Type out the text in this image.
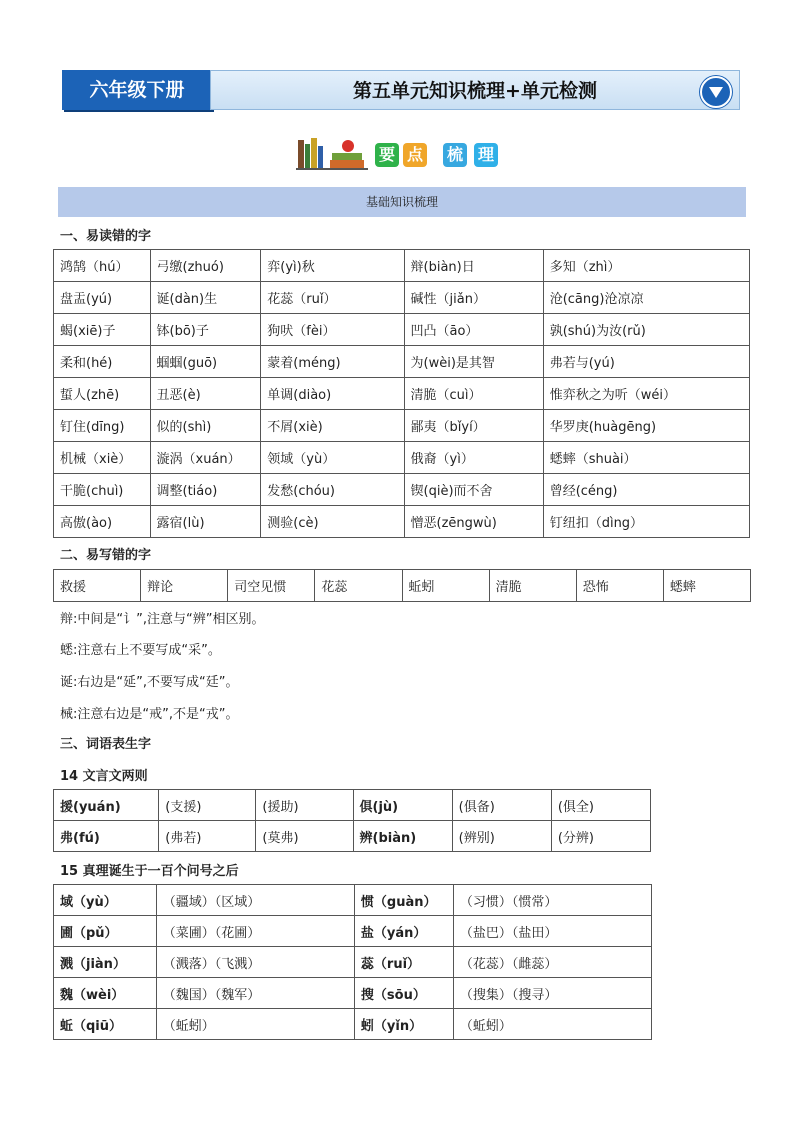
六年级下册	第五单元知识梳理+单元检测
要 点 梳 理
基础知识梳理
一、易读错的字
鸿鹄（hú）	弓缴(zhuó)	弈(yì)秋	辩(biàn)日	多知（zhì）
盘盂(yú)	诞(dàn)生	花蕊（ruǐ）	碱性（jiǎn）	沧(cāng)沧凉凉
蝎(xiē)子	钵(bō)子	狗吠（fèi）	凹凸（āo）	孰(shú)为汝(rǔ)
柔和(hé)	蝈蝈(guō)	蒙着(méng)	为(wèi)是其智	弗若与(yú)
蜇人(zhē)	丑恶(è)	单调(diào)	清脆（cuì）	惟弈秋之为听（wéi）
钉住(dīng)	似的(shì)	不屑(xiè)	鄙夷（bǐyí）	华罗庚(huàgēng)
机械（xiè）	漩涡（xuán）	领域（yù）	俄裔（yì）	蟋蟀（shuài）
干脆(chuì)	调整(tiáo)	发愁(chóu)	锲(qiè)而不舍	曾经(céng)
高傲(ào)	露宿(lù)	测验(cè)	憎恶(zēngwù)	钉纽扣（dìng）
二、易写错的字
救援	辩论	司空见惯	花蕊	蚯蚓	清脆	恐怖	蟋蟀
辩:中间是“讠”,注意与“辨”相区别。
蟋:注意右上不要写成“采”。
诞:右边是“延”,不要写成“廷”。
械:注意右边是“戒”,不是“戎”。
三、词语表生字
14 文言文两则
援(yuán)	(支援)	(援助)	俱(jù)	(俱备)	(俱全)
弗(fú)	(弗若)	(莫弗)	辨(biàn)	(辨别)	(分辨)
15 真理诞生于一百个问号之后
域（yù）	（疆域）（区域）	惯（guàn）	（习惯）（惯常）
圃（pǔ）	（菜圃）（花圃）	盐（yán）	（盐巴）（盐田）
溅（jiàn）	（溅落）（飞溅）	蕊（ruǐ）	（花蕊）（雌蕊）
魏（wèi）	（魏国）（魏军）	搜（sōu）	（搜集）（搜寻）
蚯（qiū）	（蚯蚓）	蚓（yǐn）	（蚯蚓）
